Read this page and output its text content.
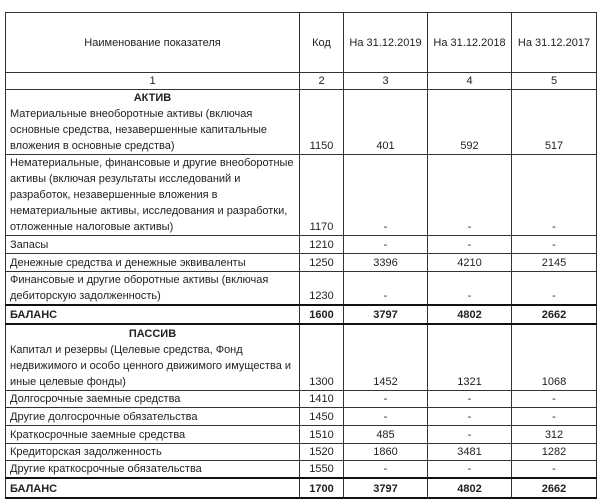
Наименование показателя	Код	На 31.12.2019	На 31.12.2018	На 31.12.2017
1	2	3	4	5

АКТИВ
Материальные внеоборотные активы (включая основные средства, незавершенные капитальные вложения в основные средства)	1150	401	592	517
Нематериальные, финансовые и другие внеоборотные активы (включая результаты исследований и разработок, незавершенные вложения в нематериальные активы, исследования и разработки, отложенные налоговые активы)	1170	-	-	-
Запасы	1210	-	-	-
Денежные средства и денежные эквиваленты	1250	3396	4210	2145
Финансовые и другие оборотные активы (включая дебиторскую задолженность)	1230	-	-	-
БАЛАНС	1600	3797	4802	2662

ПАССИВ
Капитал и резервы (Целевые средства, Фонд недвижимого и особо ценного движимого имущества и иные целевые фонды)	1300	1452	1321	1068
Долгосрочные заемные средства	1410	-	-	-
Другие долгосрочные обязательства	1450	-	-	-
Краткосрочные заемные средства	1510	485	-	312
Кредиторская задолженность	1520	1860	3481	1282
Другие краткосрочные обязательства	1550	-	-	-
БАЛАНС	1700	3797	4802	2662
